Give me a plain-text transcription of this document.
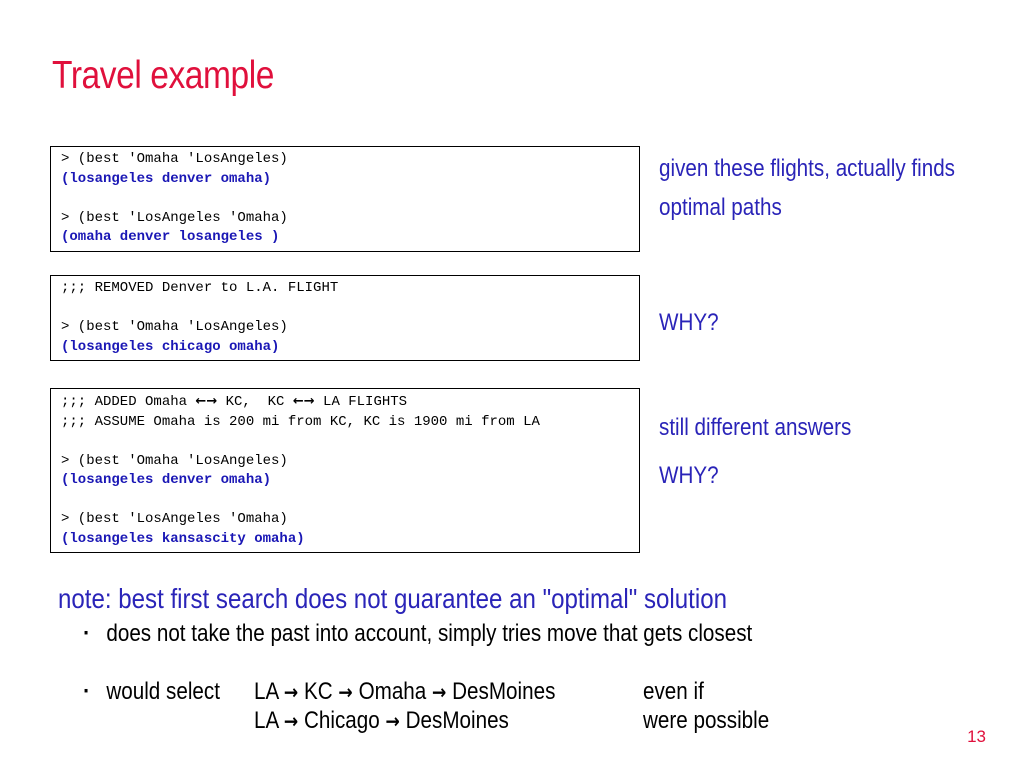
Travel example
> (best 'Omaha 'LosAngeles)
(losangeles denver omaha)
> (best 'LosAngeles 'Omaha)
(omaha denver losangeles )
;;; REMOVED Denver to L.A. FLIGHT
> (best 'Omaha 'LosAngeles)
(losangeles chicago omaha)
;;; ADDED Omaha ←→ KC,  KC ←→ LA FLIGHTS
;;; ASSUME Omaha is 200 mi from KC, KC is 1900 mi from LA
> (best 'Omaha 'LosAngeles)
(losangeles denver omaha)
> (best 'LosAngeles 'Omaha)
(losangeles kansascity omaha)
given these flights, actually finds
optimal paths
WHY?
still different answers
WHY?
note: best first search does not guarantee an "optimal" solution
▪ does not take the past into account, simply tries move that gets closest
▪ would select LA → KC → Omaha → DesMoines
LA → Chicago → DesMoines
even if
were possible
13
